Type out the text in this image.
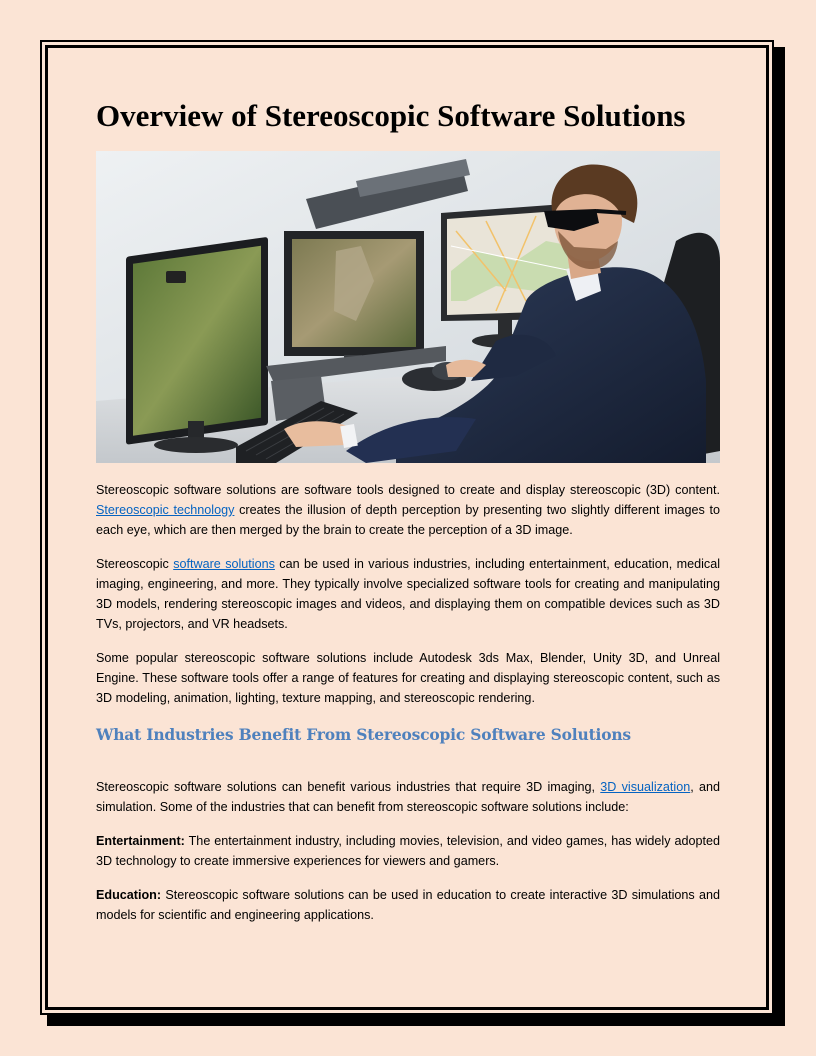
Overview of Stereoscopic Software Solutions

Stereoscopic software solutions are software tools designed to create and display stereoscopic (3D) content. Stereoscopic technology creates the illusion of depth perception by presenting two slightly different images to each eye, which are then merged by the brain to create the perception of a 3D image.

Stereoscopic software solutions can be used in various industries, including entertainment, education, medical imaging, engineering, and more. They typically involve specialized software tools for creating and manipulating 3D models, rendering stereoscopic images and videos, and displaying them on compatible devices such as 3D TVs, projectors, and VR headsets.

Some popular stereoscopic software solutions include Autodesk 3ds Max, Blender, Unity 3D, and Unreal Engine. These software tools offer a range of features for creating and displaying stereoscopic content, such as 3D modeling, animation, lighting, texture mapping, and stereoscopic rendering.

What Industries Benefit From Stereoscopic Software Solutions

Stereoscopic software solutions can benefit various industries that require 3D imaging, 3D visualization, and simulation. Some of the industries that can benefit from stereoscopic software solutions include:

Entertainment: The entertainment industry, including movies, television, and video games, has widely adopted 3D technology to create immersive experiences for viewers and gamers.

Education: Stereoscopic software solutions can be used in education to create interactive 3D simulations and models for scientific and engineering applications.
